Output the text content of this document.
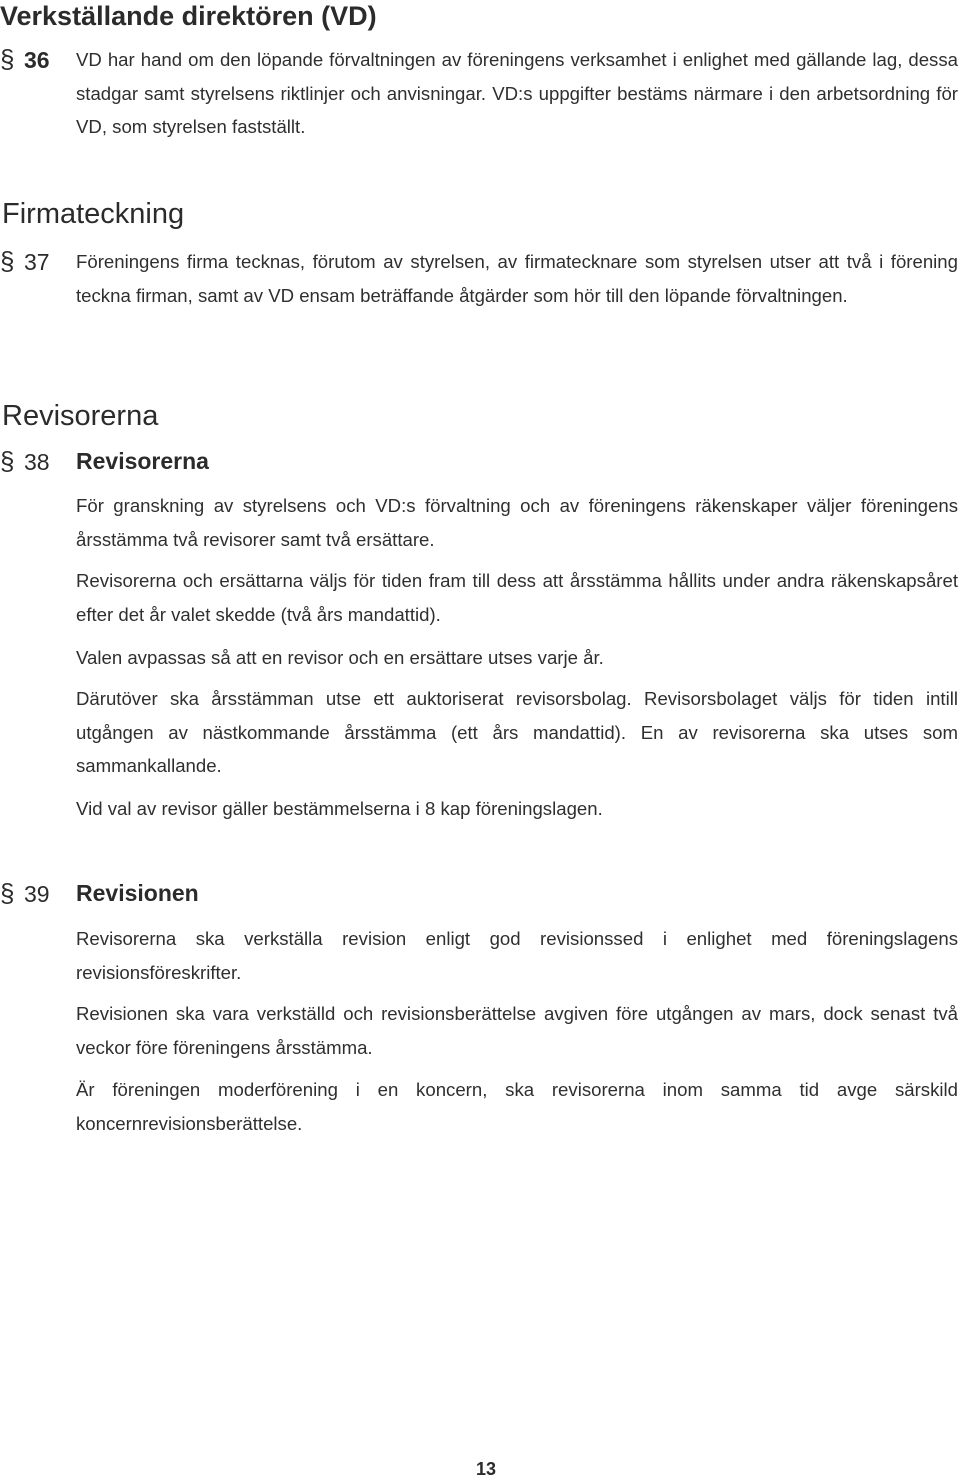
Verkställande direktören (VD)
§ 36 VD har hand om den löpande förvaltningen av föreningens verksamhet i enlighet med gällande lag, dessa stadgar samt styrelsens riktlinjer och anvisningar. VD:s uppgifter bestäms närmare i den arbetsordning för VD, som styrelsen fastställt.

Firmateckning
§ 37 Föreningens firma tecknas, förutom av styrelsen, av firmatecknare som styrelsen utser att två i förening teckna firman, samt av VD ensam beträffande åtgärder som hör till den löpande förvaltningen.

Revisorerna
§ 38 Revisorerna

För granskning av styrelsens och VD:s förvaltning och av föreningens räkenskaper väljer föreningens årsstämma två revisorer samt två ersättare.

Revisorerna och ersättarna väljs för tiden fram till dess att årsstämma hållits under andra räkenskapsåret efter det år valet skedde (två års mandattid).

Valen avpassas så att en revisor och en ersättare utses varje år.

Därutöver ska årsstämman utse ett auktoriserat revisorsbolag. Revisorsbolaget väljs för tiden intill utgången av nästkommande årsstämma (ett års mandattid). En av revisorerna ska utses som sammankallande.

Vid val av revisor gäller bestämmelserna i 8 kap föreningslagen.

§ 39 Revisionen

Revisorerna ska verkställa revision enligt god revisionssed i enlighet med föreningslagens revisionsföreskrifter.

Revisionen ska vara verkställd och revisionsberättelse avgiven före utgången av mars, dock senast två veckor före föreningens årsstämma.

Är föreningen moderförening i en koncern, ska revisorerna inom samma tid avge särskild koncernrevisionsberättelse.

13
